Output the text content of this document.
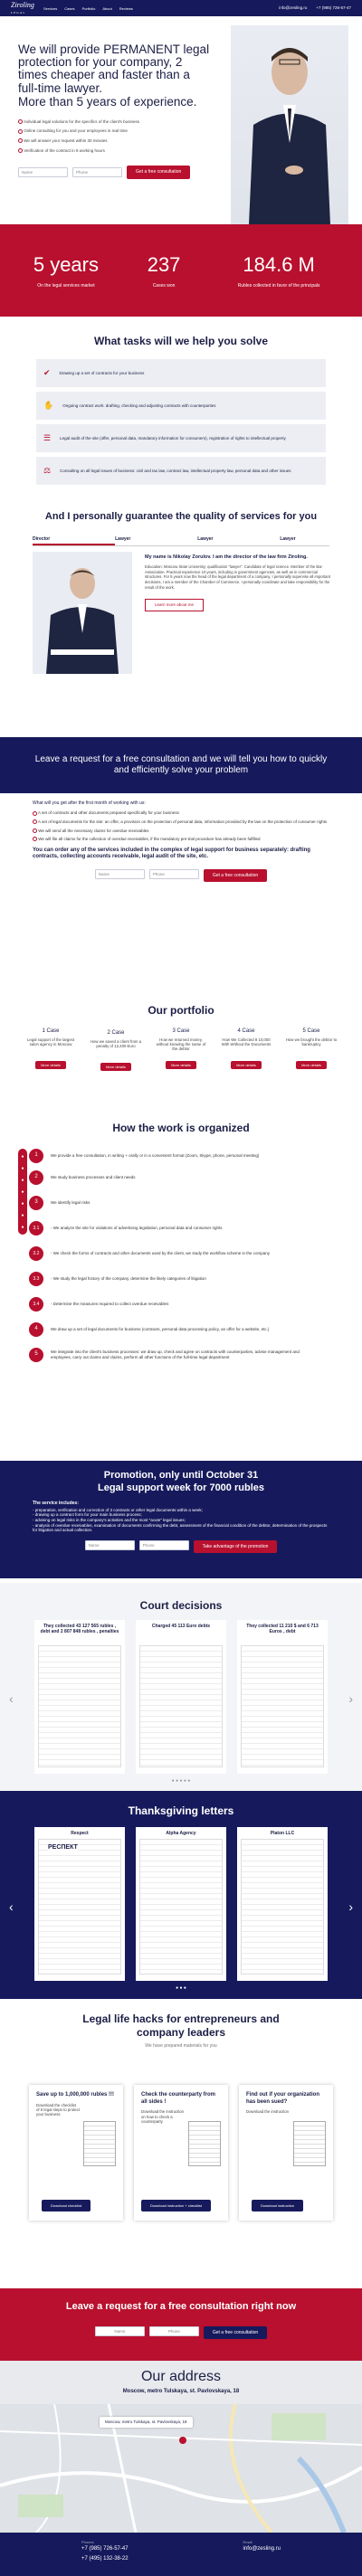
Ziroling
LEGAL
Services Cases Portfolio About Reviews	info@zesling.ru +7 (985) 726-57-47
We will provide PERMANENT legal protection for your company, 2 times cheaper and faster than a full-time lawyer.
More than 5 years of experience.
Individual legal solutions for the specifics of the client's business
Online consulting for you and your employees in real time
We will answer your request within 30 minutes
Verification of the contract in 6 working hours
Name	Phone	Get a free consultation
5 years
On the legal services market
237
Cases won
184.6 M
Rubles collected in favor of the principals
What tasks will we help you solve
✔ Drawing up a set of contracts for your business
✋ Ongoing contract work: drafting, checking and adjusting contracts with counterparties
☰ Legal audit of the site (offer, personal data, mandatory information for consumers), registration of rights to intellectual property
⚖ Consulting on all legal issues of business: civil and tax law, contract law, intellectual property law, personal data and other issues
And I personally guarantee the quality of services for you
Director	Lawyer	Lawyer	Lawyer
My name is Nikolay Zorulov. I am the director of the law firm Ziroling.
Education: Moscow State University; qualification "lawyer". Candidate of legal science. Member of the Bar Association. Practical experience 10 years, including in government agencies, as well as in commercial structures. For 5 years now the head of the legal department of a company. I personally supervise all important decisions, I am a member of the Chamber of Commerce. I personally coordinate and take responsibility for the result of the work.
Learn more about me
Leave a request for a free consultation and we will tell you how to quickly and efficiently solve your problem
What will you get after the first month of working with us:
A set of contracts and other documents prepared specifically for your business
A set of legal documents for the site: an offer, a provision on the protection of personal data, information provided by the law on the protection of consumer rights
We will send all the necessary claims for overdue receivables
We will file all claims for the collection of overdue receivables, if the mandatory pre-trial procedure has already been fulfilled
You can order any of the services included in the complex of legal support for business separately: drafting contracts, collecting accounts receivable, legal audit of the site, etc.
Name	Phone	Get a free consultation
Our portfolio
1 Case
Legal support of the largest salon agency in Moscow
More details
2 Case
How we saved a client from a penalty of 12,200 Euro
More details
3 Case
How we returned money, without knowing the name of the debtor
More details
4 Case
How We Collected 8 10,000 With Without the Documents
More details
5 Case
How we brought the debtor to bankruptcy
More details
How the work is organized
●
●
●
●
●
●
●
1	We provide a free consultation, in writing + orally or in a convenient format (Zoom, Skype, phone, personal meeting)
2	We study business processes and client needs
3	We identify legal risks
3.1	- We analyze the site for violations of advertising legislation, personal data and consumer rights
3.2	- We check the forms of contracts and other documents used by the client, we study the workflow scheme in the company
3.3	- We study the legal history of the company, determine the likely categories of litigation
3.4	- Determine the measures required to collect overdue receivables
4	We draw up a set of legal documents for business (contracts, personal data processing policy, an offer for a website, etc.)
5	We integrate into the client's business processes: we draw up, check and agree on contracts with counterparties, advise management and employees, carry out claims and claims, perform all other functions of the full-time legal department
Promotion, only until October 31
Legal support week for 7000 rubles
The service includes:
- preparation, verification and correction of 3 contracts or other legal documents within a week;
- drawing up a contract form for your main business process;
- advising on legal risks in the company's activities and the most "acute" legal issues;
- analysis of overdue receivables, examination of documents confirming the debt, assessment of the financial condition of the debtor, determination of the prospects for litigation and actual collection.
Name	Phone	Take advantage of the promotion
Court decisions
‹	›
They collected 43 127 565 rubles , debt and 2 807 848 rubles , penalties
Charged 45 113 Euro debts	They collected 11 210 $ and 6 713 Euros , debt
● ● ● ● ●
Thanksgiving letters
‹	›
Respect
РЕСПЕКТ
Alpha Agency	Platon LLC
● ● ●
Legal life hacks for entrepreneurs and company leaders
We have prepared materials for you
Save up to 1,000,000 rubles !!!
Download the checklist of 5 legal steps to protect your business
Download checklist
Check the counterparty from all sides !
Download the instruction on how to check a counterparty
Download instruction + checklist
Find out if your organization has been sued?
Download the instruction
Download instruction
Leave a request for a free consultation right now
Name	Phone	Get a free consultation
Our address
Moscow, metro Tulskaya, st. Pavlovskaya, 18
Moscow, metro Tulskaya, st. Pavlovskaya, 18
Phones
+7 (985) 726-57-47
+7 (495) 132-38-22
Email
info@zesling.ru
